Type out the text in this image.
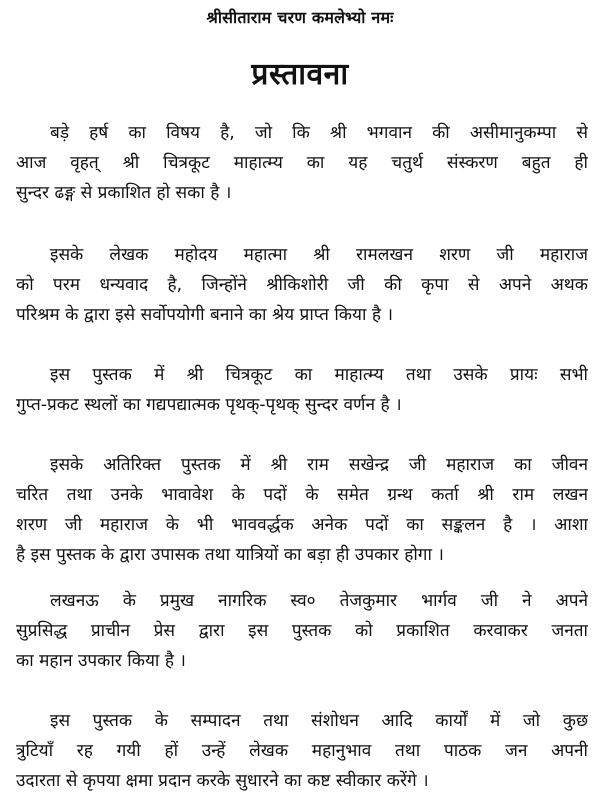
श्रीसीताराम चरण कमलेभ्यो नमः
प्रस्तावना
बड़े हर्ष का विषय है, जो कि श्री भगवान की असीमानुकम्पा से
आज वृहत् श्री चित्रकूट माहात्म्य का यह चतुर्थ संस्करण बहुत ही
सुन्दर ढङ्ग से प्रकाशित हो सका है ।
इसके लेखक महोदय महात्मा श्री रामलखन शरण जी महाराज
को परम धन्यवाद है, जिन्होंने श्रीकिशोरी जी की कृपा से अपने अथक
परिश्रम के द्वारा इसे सर्वोपयोगी बनाने का श्रेय प्राप्त किया है ।
इस पुस्तक में श्री चित्रकूट का माहात्म्य तथा उसके प्रायः सभी
गुप्त-प्रकट स्थलों का गद्यपद्यात्मक पृथक्-पृथक् सुन्दर वर्णन है ।
इसके अतिरिक्त पुस्तक में श्री राम सखेन्द्र जी महाराज का जीवन
चरित तथा उनके भावावेश के पदों के समेत ग्रन्थ कर्ता श्री राम लखन
शरण जी महाराज के भी भाववर्द्धक अनेक पदों का सङ्कलन है । आशा
है इस पुस्तक के द्वारा उपासक तथा यात्रियों का बड़ा ही उपकार होगा ।
लखनऊ के प्रमुख नागरिक स्व० तेजकुमार भार्गव जी ने अपने
सुप्रसिद्ध प्राचीन प्रेस द्वारा इस पुस्तक को प्रकाशित करवाकर जनता
का महान उपकार किया है ।
इस पुस्तक के सम्पादन तथा संशोधन आदि कार्यों में जो कुछ
त्रुटियाँ रह गयी हों उन्हें लेखक महानुभाव तथा पाठक जन अपनी
उदारता से कृपया क्षमा प्रदान करके सुधारने का कष्ट स्वीकार करेंगे ।
